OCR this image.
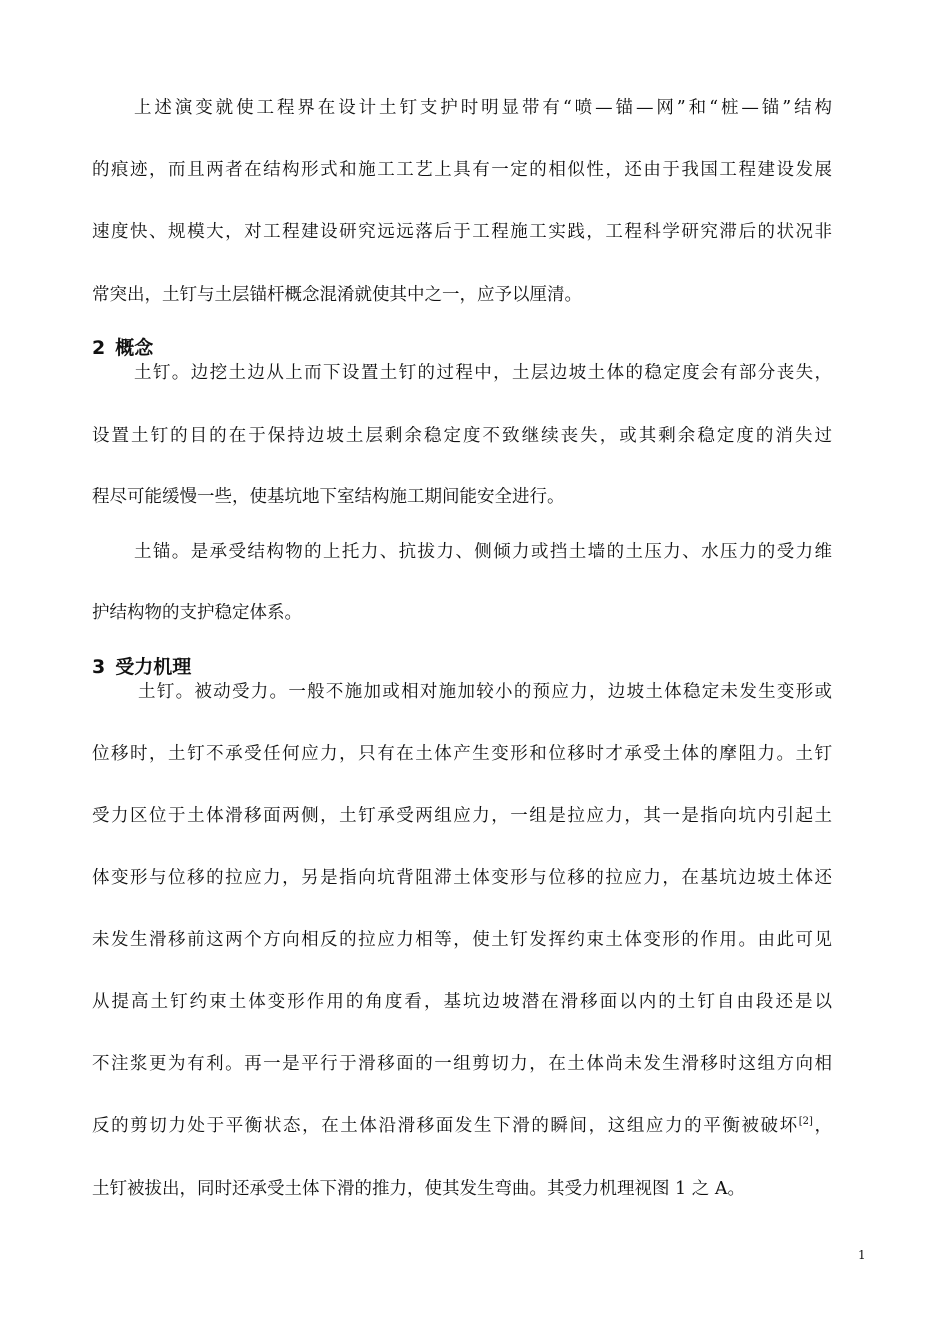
上述演变就使工程界在设计土钉支护时明显带有“喷—锚—网”和“桩—锚”结构
的痕迹，而且两者在结构形式和施工工艺上具有一定的相似性，还由于我国工程建设发展
速度快、规模大，对工程建设研究远远落后于工程施工实践，工程科学研究滞后的状况非
常突出，土钉与土层锚杆概念混淆就使其中之一，应予以厘清。
2 概念
土钉。边挖土边从上而下设置土钉的过程中，土层边坡土体的稳定度会有部分丧失，
设置土钉的目的在于保持边坡土层剩余稳定度不致继续丧失，或其剩余稳定度的消失过
程尽可能缓慢一些，使基坑地下室结构施工期间能安全进行。
土锚。是承受结构物的上托力、抗拔力、侧倾力或挡土墙的土压力、水压力的受力维
护结构物的支护稳定体系。
3 受力机理
土钉。被动受力。一般不施加或相对施加较小的预应力，边坡土体稳定未发生变形或
位移时，土钉不承受任何应力，只有在土体产生变形和位移时才承受土体的摩阻力。土钉
受力区位于土体滑移面两侧，土钉承受两组应力，一组是拉应力，其一是指向坑内引起土
体变形与位移的拉应力，另是指向坑背阻滞土体变形与位移的拉应力，在基坑边坡土体还
未发生滑移前这两个方向相反的拉应力相等，使土钉发挥约束土体变形的作用。由此可见
从提高土钉约束土体变形作用的角度看，基坑边坡潜在滑移面以内的土钉自由段还是以
不注浆更为有利。再一是平行于滑移面的一组剪切力，在土体尚未发生滑移时这组方向相
反的剪切力处于平衡状态，在土体沿滑移面发生下滑的瞬间，这组应力的平衡被破坏[2]，
土钉被拔出，同时还承受土体下滑的推力，使其发生弯曲。其受力机理视图 1 之 A。
1
